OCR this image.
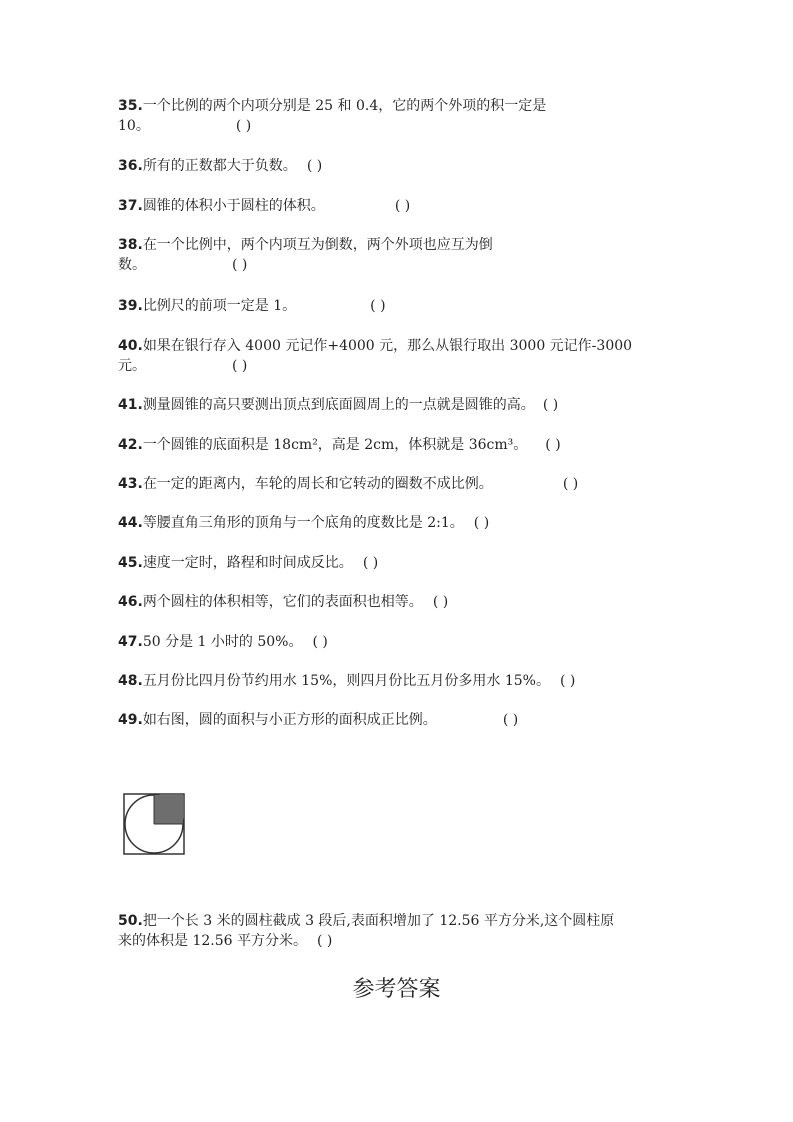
35.一个比例的两个内项分别是 25 和 0.4，它的两个外项的积一定是
10。	( )
36.所有的正数都大于负数。 ( )
37.圆锥的体积小于圆柱的体积。	( )
38.在一个比例中，两个内项互为倒数，两个外项也应互为倒
数。	( )
39.比例尺的前项一定是 1。	( )
40.如果在银行存入 4000 元记作+4000 元，那么从银行取出 3000 元记作-3000
元。	( )
41.测量圆锥的高只要测出顶点到底面圆周上的一点就是圆锥的高。 ( )
42.一个圆锥的底面积是 18cm²，高是 2cm，体积就是 36cm³。 ( )
43.在一定的距离内，车轮的周长和它转动的圈数不成比例。	( )
44.等腰直角三角形的顶角与一个底角的度数比是 2:1。 ( )
45.速度一定时，路程和时间成反比。 ( )
46.两个圆柱的体积相等，它们的表面积也相等。 ( )
47.50 分是 1 小时的 50%。 ( )
48.五月份比四月份节约用水 15%，则四月份比五月份多用水 15%。 ( )
49.如右图，圆的面积与小正方形的面积成正比例。	( )
50.把一个长 3 米的圆柱截成 3 段后,表面积增加了 12.56 平方分米,这个圆柱原
来的体积是 12.56 平方分米。 ( )
参考答案
